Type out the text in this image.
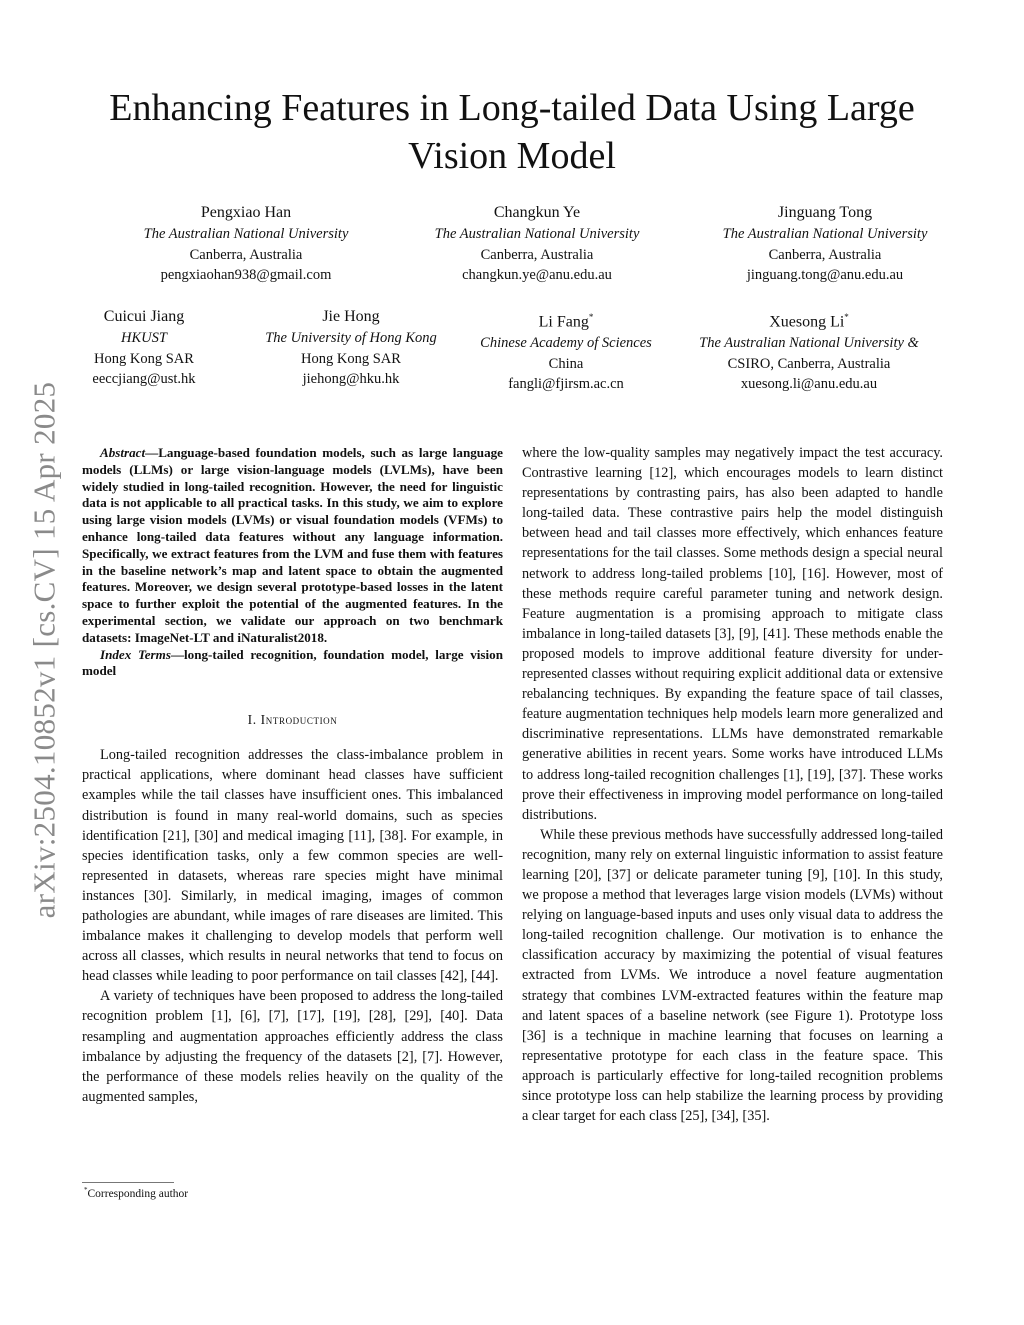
arXiv:2504.10852v1 [cs.CV] 15 Apr 2025
Enhancing Features in Long-tailed Data Using Large Vision Model
Pengxiao Han
The Australian National University
Canberra, Australia
pengxiaohan938@gmail.com
Changkun Ye
The Australian National University
Canberra, Australia
changkun.ye@anu.edu.au
Jinguang Tong
The Australian National University
Canberra, Australia
jinguang.tong@anu.edu.au
Cuicui Jiang
HKUST
Hong Kong SAR
eeccjiang@ust.hk
Jie Hong
The University of Hong Kong
Hong Kong SAR
jiehong@hku.hk
Li Fang*
Chinese Academy of Sciences
China
fangli@fjirsm.ac.cn
Xuesong Li*
The Australian National University &
CSIRO, Canberra, Australia
xuesong.li@anu.edu.au

Abstract—Language-based foundation models, such as large language models (LLMs) or large vision-language models (LVLMs), have been widely studied in long-tailed recognition. However, the need for linguistic data is not applicable to all practical tasks. In this study, we aim to explore using large vision models (LVMs) or visual foundation models (VFMs) to enhance long-tailed data features without any language information. Specifically, we extract features from the LVM and fuse them with features in the baseline network’s map and latent space to obtain the augmented features. Moreover, we design several prototype-based losses in the latent space to further exploit the potential of the augmented features. In the experimental section, we validate our approach on two benchmark datasets: ImageNet-LT and iNaturalist2018.

Index Terms—long-tailed recognition, foundation model, large vision model

I. Introduction

Long-tailed recognition addresses the class-imbalance problem in practical applications, where dominant head classes have sufficient examples while the tail classes have insufficient ones. This imbalanced distribution is found in many real-world domains, such as species identification [21], [30] and medical imaging [11], [38]. For example, in species identification tasks, only a few common species are well-represented in datasets, whereas rare species might have minimal instances [30]. Similarly, in medical imaging, images of common pathologies are abundant, while images of rare diseases are limited. This imbalance makes it challenging to develop models that perform well across all classes, which results in neural networks that tend to focus on head classes while leading to poor performance on tail classes [42], [44].

A variety of techniques have been proposed to address the long-tailed recognition problem [1], [6], [7], [17], [19], [28], [29], [40]. Data resampling and augmentation approaches efficiently address the class imbalance by adjusting the frequency of the datasets [2], [7]. However, the performance of these models relies heavily on the quality of the augmented samples,

*Corresponding author

where the low-quality samples may negatively impact the test accuracy. Contrastive learning [12], which encourages models to learn distinct representations by contrasting pairs, has also been adapted to handle long-tailed data. These contrastive pairs help the model distinguish between head and tail classes more effectively, which enhances feature representations for the tail classes. Some methods design a special neural network to address long-tailed problems [10], [16]. However, most of these methods require careful parameter tuning and network design. Feature augmentation is a promising approach to mitigate class imbalance in long-tailed datasets [3], [9], [41]. These methods enable the proposed models to improve additional feature diversity for under-represented classes without requiring explicit additional data or extensive rebalancing techniques. By expanding the feature space of tail classes, feature augmentation techniques help models learn more generalized and discriminative representations. LLMs have demonstrated remarkable generative abilities in recent years. Some works have introduced LLMs to address long-tailed recognition challenges [1], [19], [37]. These works prove their effectiveness in improving model performance on long-tailed distributions.

While these previous methods have successfully addressed long-tailed recognition, many rely on external linguistic information to assist feature learning [20], [37] or delicate parameter tuning [9], [10]. In this study, we propose a method that leverages large vision models (LVMs) without relying on language-based inputs and uses only visual data to address the long-tailed recognition challenge. Our motivation is to enhance the classification accuracy by maximizing the potential of visual features extracted from LVMs. We introduce a novel feature augmentation strategy that combines LVM-extracted features within the feature map and latent spaces of a baseline network (see Figure 1). Prototype loss [36] is a technique in machine learning that focuses on learning a representative prototype for each class in the feature space. This approach is particularly effective for long-tailed recognition problems since prototype loss can help stabilize the learning process by providing a clear target for each class [25], [34], [35].
